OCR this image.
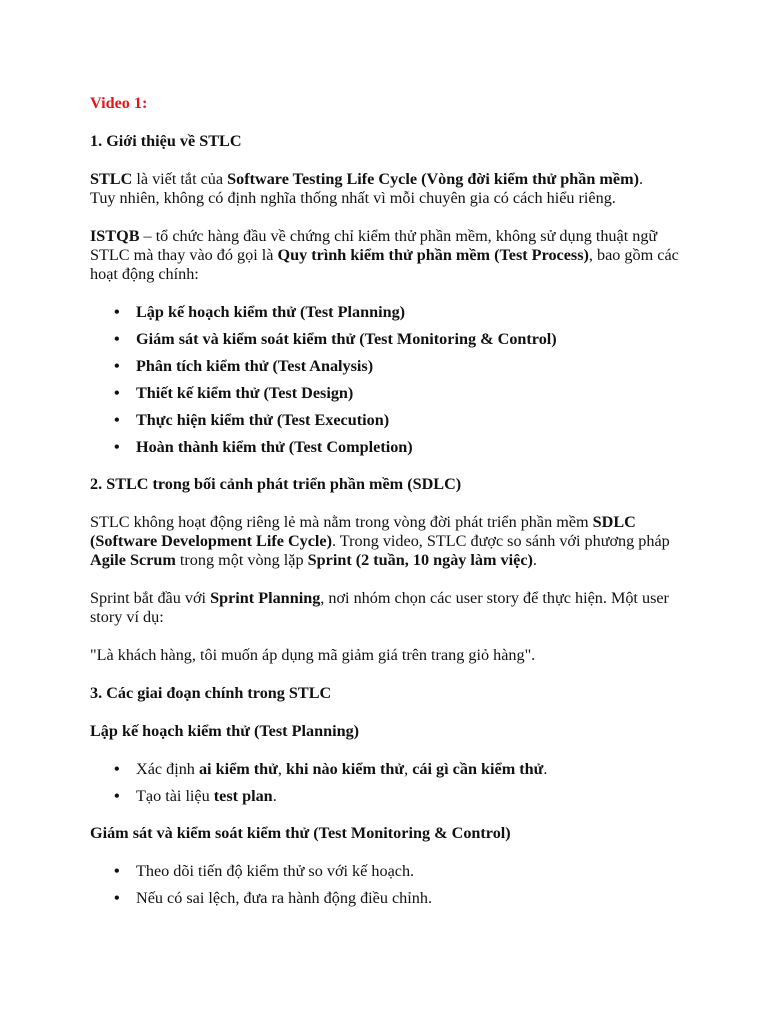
Video 1:

1. Giới thiệu về STLC

STLC là viết tắt của Software Testing Life Cycle (Vòng đời kiểm thử phần mềm).
Tuy nhiên, không có định nghĩa thống nhất vì mỗi chuyên gia có cách hiểu riêng.

ISTQB – tổ chức hàng đầu về chứng chỉ kiểm thử phần mềm, không sử dụng thuật ngữ STLC mà thay vào đó gọi là Quy trình kiểm thử phần mềm (Test Process), bao gồm các hoạt động chính:

• Lập kế hoạch kiểm thử (Test Planning)
• Giám sát và kiểm soát kiểm thử (Test Monitoring & Control)
• Phân tích kiểm thử (Test Analysis)
• Thiết kế kiểm thử (Test Design)
• Thực hiện kiểm thử (Test Execution)
• Hoàn thành kiểm thử (Test Completion)

2. STLC trong bối cảnh phát triển phần mềm (SDLC)

STLC không hoạt động riêng lẻ mà nằm trong vòng đời phát triển phần mềm SDLC (Software Development Life Cycle). Trong video, STLC được so sánh với phương pháp Agile Scrum trong một vòng lặp Sprint (2 tuần, 10 ngày làm việc).

Sprint bắt đầu với Sprint Planning, nơi nhóm chọn các user story để thực hiện. Một user story ví dụ:

"Là khách hàng, tôi muốn áp dụng mã giảm giá trên trang giỏ hàng".

3. Các giai đoạn chính trong STLC

Lập kế hoạch kiểm thử (Test Planning)

• Xác định ai kiểm thử, khi nào kiểm thử, cái gì cần kiểm thử.
• Tạo tài liệu test plan.

Giám sát và kiểm soát kiểm thử (Test Monitoring & Control)

• Theo dõi tiến độ kiểm thử so với kế hoạch.
• Nếu có sai lệch, đưa ra hành động điều chỉnh.
